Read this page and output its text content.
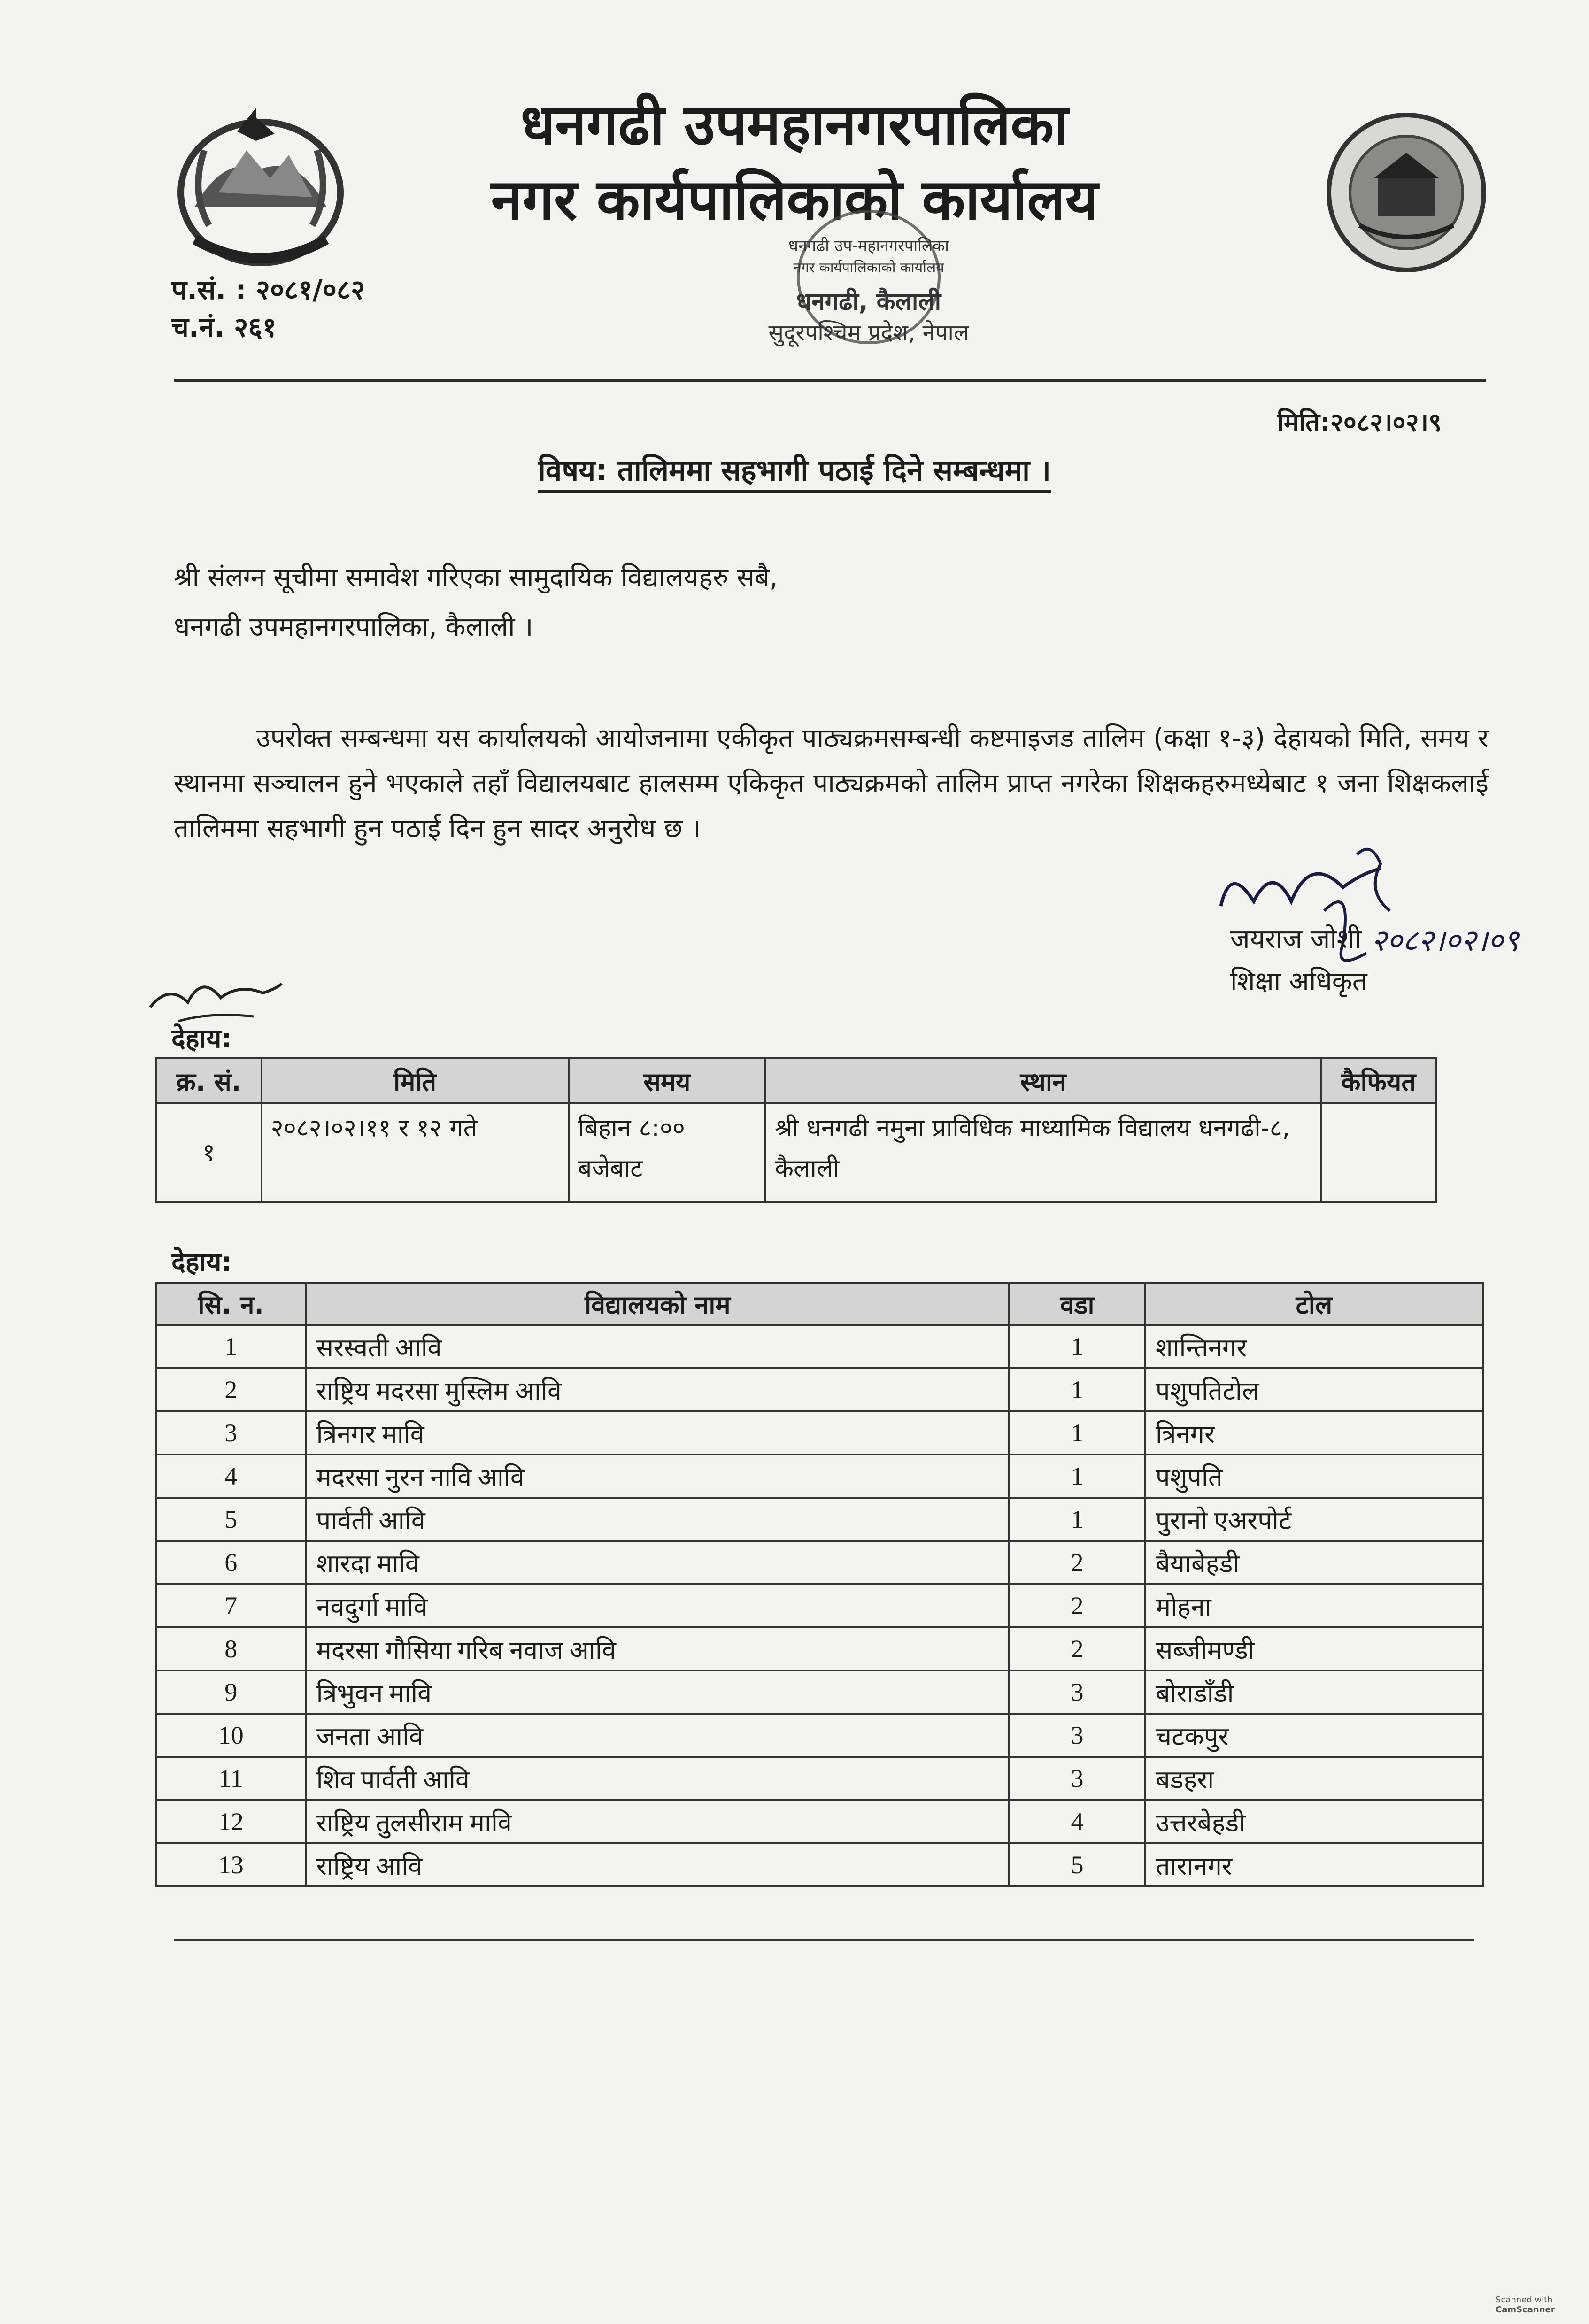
धनगढी उपमहानगरपालिका
नगर कार्यपालिकाको कार्यालय
प.सं. : २०८१/०८२
च.नं. २६१
धनगढी उप-महानगरपालिका
नगर कार्यपालिकाको कार्यालय
धनगढी, कैलाली
सुदूरपश्चिम प्रदेश, नेपाल
मिति:२०८२।०२।९
विषय: तालिममा सहभागी पठाई दिने सम्बन्धमा ।
श्री संलग्न सूचीमा समावेश गरिएका सामुदायिक विद्यालयहरु सबै,
धनगढी उपमहानगरपालिका, कैलाली ।
उपरोक्त सम्बन्धमा यस कार्यालयको आयोजनामा एकीकृत पाठ्यक्रमसम्बन्धी कष्टमाइजड तालिम (कक्षा १-३) देहायको मिति, समय र स्थानमा सञ्चालन हुने भएकाले तहाँ विद्यालयबाट हालसम्म एकिकृत पाठ्यक्रमको तालिम प्राप्त नगरेका शिक्षकहरुमध्येबाट १ जना शिक्षकलाई तालिममा सहभागी हुन पठाई दिन हुन सादर अनुरोध छ ।
२०८२।०२।०९
जयराज जोशी
शिक्षा अधिकृत
देहाय:
क्र. सं.	मिति	समय	स्थान	कैफियत
१	२०८२।०२।११ र १२ गते	बिहान ८:०० बजेबाट	श्री धनगढी नमुना प्राविधिक माध्यामिक विद्यालय धनगढी-८, कैलाली	
देहाय:
सि. न.	विद्यालयको नाम	वडा	टोल
1	सरस्वती आवि	1	शान्तिनगर
2	राष्ट्रिय मदरसा मुस्लिम आवि	1	पशुपतिटोल
3	त्रिनगर मावि	1	त्रिनगर
4	मदरसा नुरन नावि आवि	1	पशुपति
5	पार्वती आवि	1	पुरानो एअरपोर्ट
6	शारदा मावि	2	बैयाबेहडी
7	नवदुर्गा मावि	2	मोहना
8	मदरसा गौसिया गरिब नवाज आवि	2	सब्जीमण्डी
9	त्रिभुवन मावि	3	बोराडाँडी
10	जनता आवि	3	चटकपुर
11	शिव पार्वती आवि	3	बडहरा
12	राष्ट्रिय तुलसीराम मावि	4	उत्तरबेहडी
13	राष्ट्रिय आवि	5	तारानगर
Scanned with
CamScanner
